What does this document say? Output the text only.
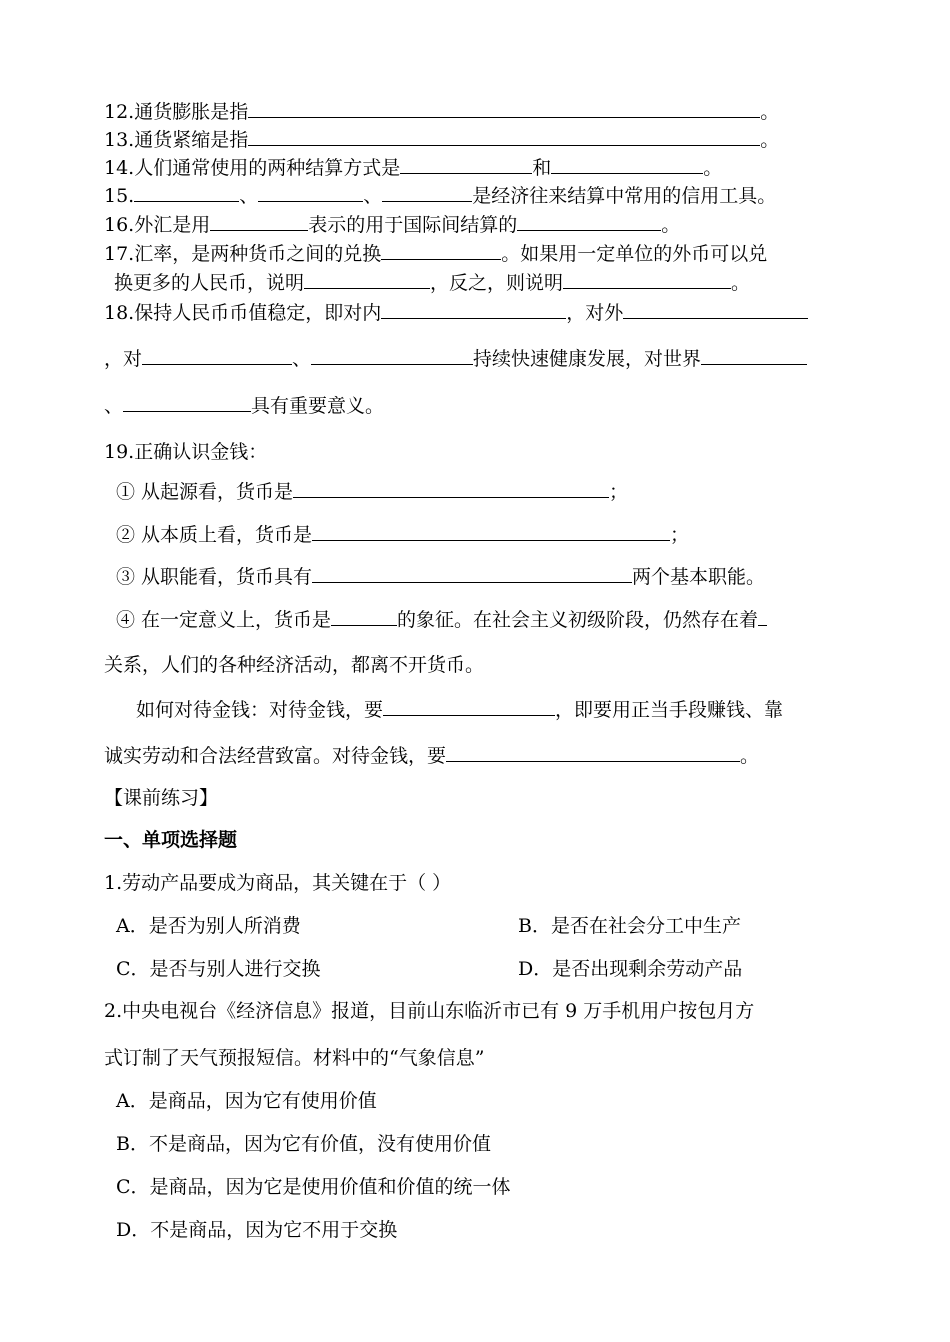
12.通货膨胀是指	。
13.通货紧缩是指	。
14.人们通常使用的两种结算方式是	和	。
15.	、	、	是经济往来结算中常用的信用工具。
16.外汇是用	表示的用于国际间结算的	。
17.汇率，是两种货币之间的兑换	。如果用一定单位的外币可以兑
换更多的人民币，说明	，反之，则说明	。
18.保持人民币币值稳定，即对内	，对外
，对	、	持续快速健康发展，对世界
、	具有重要意义。
19.正确认识金钱：
① 从起源看，货币是	；
② 从本质上看，货币是	；
③ 从职能看，货币具有	两个基本职能。
④ 在一定意义上，货币是	的象征。在社会主义初级阶段，仍然存在着
关系，人们的各种经济活动，都离不开货币。
如何对待金钱：对待金钱，要	，即要用正当手段赚钱、靠
诚实劳动和合法经营致富。对待金钱，要	。
【课前练习】
一、单项选择题
1.劳动产品要成为商品，其关键在于（ ）
A．是否为别人所消费	B．是否在社会分工中生产
C．是否与别人进行交换	D．是否出现剩余劳动产品
2.中央电视台《经济信息》报道，目前山东临沂市已有 9 万手机用户按包月方
式订制了天气预报短信。材料中的“气象信息”
A．是商品，因为它有使用价值
B．不是商品，因为它有价值，没有使用价值
C．是商品，因为它是使用价值和价值的统一体
D．不是商品，因为它不用于交换
